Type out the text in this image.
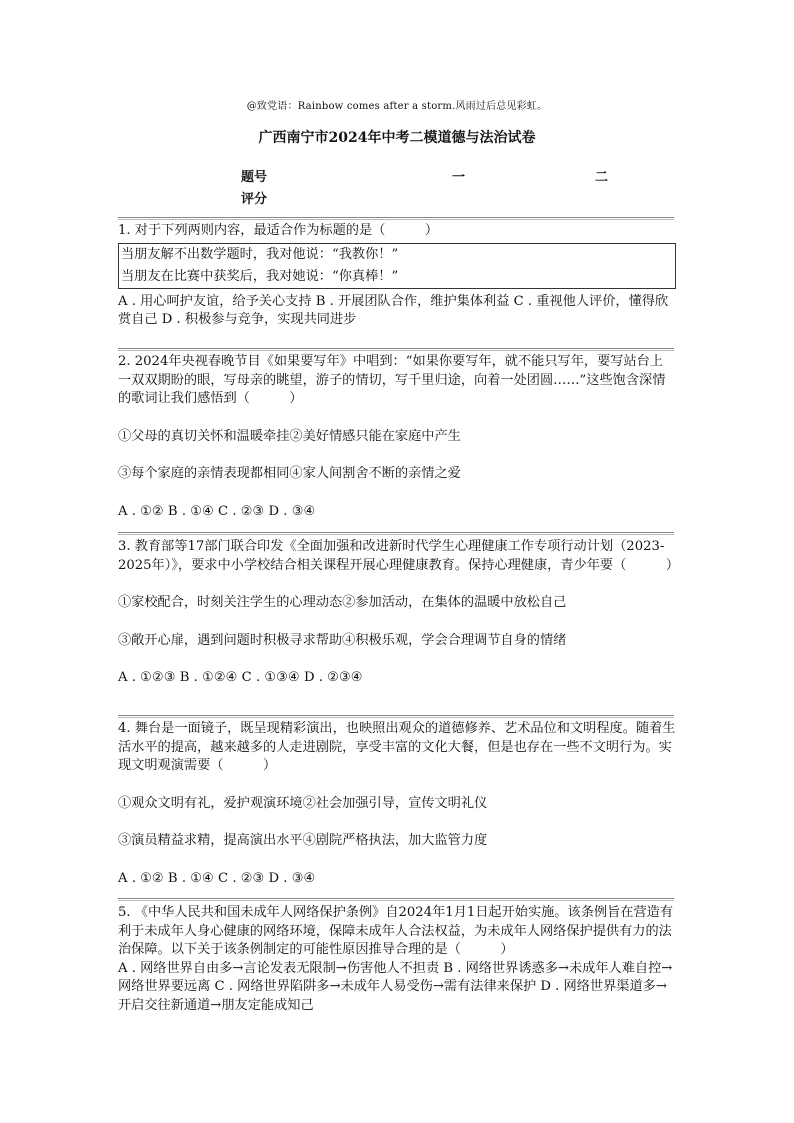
@致党语：Rainbow comes after a storm.风雨过后总见彩虹。
广西南宁市2024年中考二模道德与法治试卷
题号	一	二
评分

1. 对于下列两则内容，最适合作为标题的是（　　　）

当朋友解不出数学题时，我对他说：“我教你！”
当朋友在比赛中获奖后，我对她说：“你真棒！”

A . 用心呵护友谊，给予关心支持 B . 开展团队合作，维护集体利益 C . 重视他人评价，懂得欣赏自己 D . 积极参与竞争，实现共同进步

2. 2024年央视春晚节目《如果要写年》中唱到：“如果你要写年，就不能只写年，要写站台上一双双期盼的眼，写母亲的眺望，游子的情切，写千里归途，向着一处团圆……”这些饱含深情的歌词让我们感悟到（　　　）

①父母的真切关怀和温暖牵挂②美好情感只能在家庭中产生

③每个家庭的亲情表现都相同④家人间割舍不断的亲情之爱

A . ①② B . ①④ C . ②③ D . ③④

3. 教育部等17部门联合印发《全面加强和改进新时代学生心理健康工作专项行动计划（2023-2025年）》，要求中小学校结合相关课程开展心理健康教育。保持心理健康，青少年要（　　　）

①家校配合，时刻关注学生的心理动态②参加活动，在集体的温暖中放松自己

③敞开心扉，遇到问题时积极寻求帮助④积极乐观，学会合理调节自身的情绪

A . ①②③ B . ①②④ C . ①③④ D . ②③④

4. 舞台是一面镜子，既呈现精彩演出，也映照出观众的道德修养、艺术品位和文明程度。随着生活水平的提高，越来越多的人走进剧院，享受丰富的文化大餐，但是也存在一些不文明行为。实现文明观演需要（　　　）

①观众文明有礼，爱护观演环境②社会加强引导，宣传文明礼仪

③演员精益求精，提高演出水平④剧院严格执法，加大监管力度

A . ①② B . ①④ C . ②③ D . ③④

5. 《中华人民共和国未成年人网络保护条例》自2024年1月1日起开始实施。该条例旨在营造有利于未成年人身心健康的网络环境，保障未成年人合法权益，为未成年人网络保护提供有力的法治保障。以下关于该条例制定的可能性原因推导合理的是（　　　）

A . 网络世界自由多→言论发表无限制→伤害他人不担责 B . 网络世界诱惑多→未成年人难自控→网络世界要远离 C . 网络世界陷阱多→未成年人易受伤→需有法律来保护 D . 网络世界渠道多→开启交往新通道→朋友定能成知己
